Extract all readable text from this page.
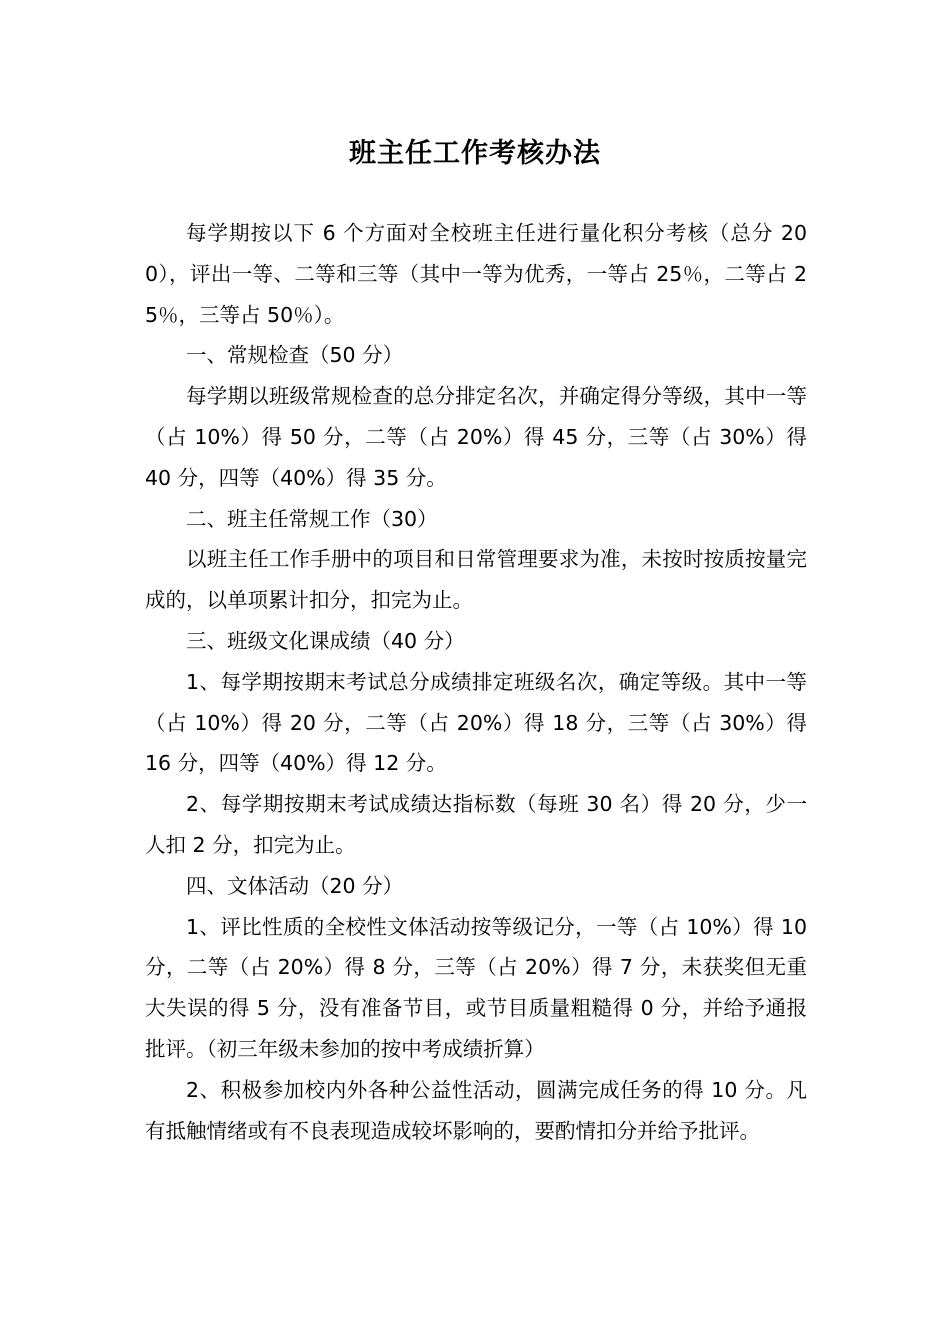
班主任工作考核办法

每学期按以下 6 个方面对全校班主任进行量化积分考核（总分 200），评出一等、二等和三等（其中一等为优秀，一等占 25％，二等占 25％，三等占 50％）。

一、常规检查（50 分）

每学期以班级常规检查的总分排定名次，并确定得分等级，其中一等（占 10%）得 50 分，二等（占 20%）得 45 分，三等（占 30%）得 40 分，四等（40%）得 35 分。

二、班主任常规工作（30）

以班主任工作手册中的项目和日常管理要求为准，未按时按质按量完成的，以单项累计扣分，扣完为止。

三、班级文化课成绩（40 分）

1、每学期按期末考试总分成绩排定班级名次，确定等级。其中一等（占 10%）得 20 分，二等（占 20%）得 18 分，三等（占 30%）得 16 分，四等（40%）得 12 分。

2、每学期按期末考试成绩达指标数（每班 30 名）得 20 分，少一人扣 2 分，扣完为止。

四、文体活动（20 分）

1、评比性质的全校性文体活动按等级记分，一等（占 10%）得 10 分，二等（占 20%）得 8 分，三等（占 20%）得 7 分，未获奖但无重大失误的得 5 分，没有准备节目，或节目质量粗糙得 0 分，并给予通报批评。（初三年级未参加的按中考成绩折算）

2、积极参加校内外各种公益性活动，圆满完成任务的得 10 分。凡有抵触情绪或有不良表现造成较坏影响的，要酌情扣分并给予批评。
